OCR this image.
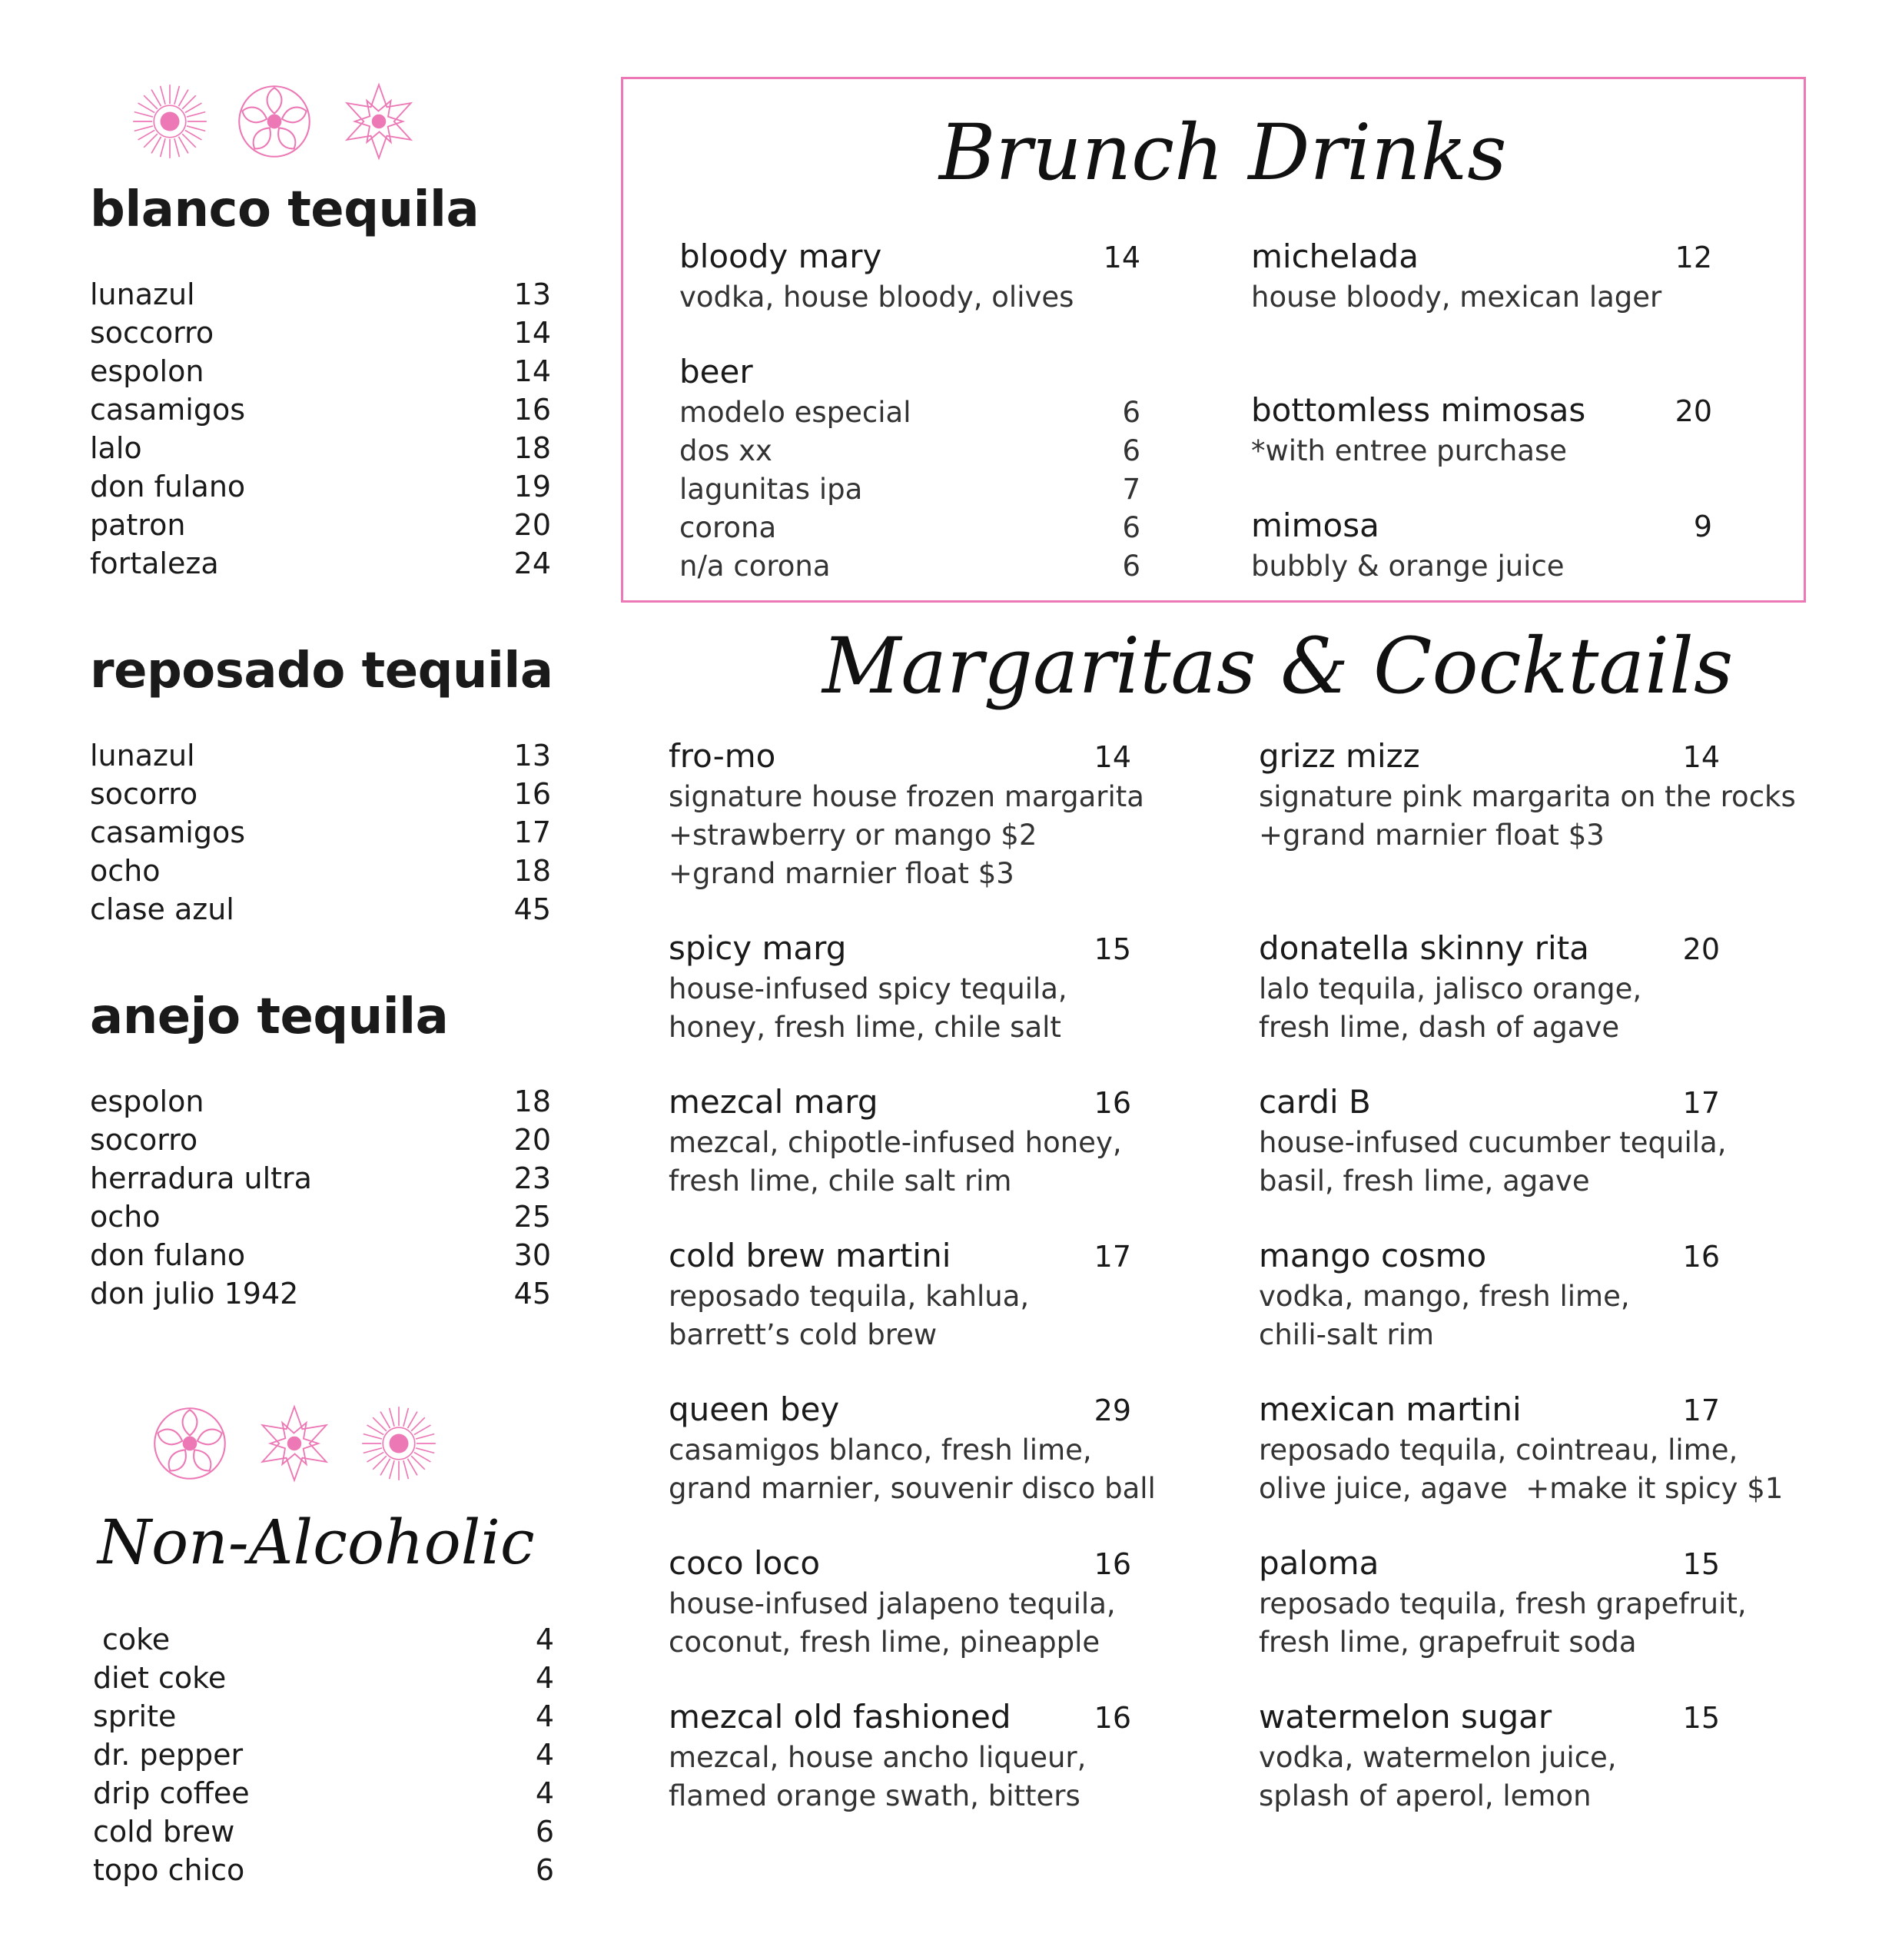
blanco tequila
lunazul	13
soccorro	14
espolon	14
casamigos	16
lalo	18
don fulano	19
patron	20
fortaleza	24
reposado tequila
lunazul	13
socorro	16
casamigos	17
ocho	18
clase azul	45
anejo tequila
espolon	18
socorro	20
herradura ultra	23
ocho	25
don fulano	30
don julio 1942	45
Non-Alcoholic
coke	4
diet coke	4
sprite	4
dr. pepper	4
drip coffee	4
cold brew	6
topo chico	6
Brunch Drinks
bloody mary	14
vodka, house bloody, olives
michelada	12
house bloody, mexican lager
beer
modelo especial	6
dos xx	6
lagunitas ipa	7
corona	6
n/a corona	6
bottomless mimosas	20
*with entree purchase
mimosa	9
bubbly & orange juice
Margaritas & Cocktails
fro-mo	14
signature house frozen margarita
+strawberry or mango $2
+grand marnier float $3
spicy marg	15
house-infused spicy tequila,
honey, fresh lime, chile salt
mezcal marg	16
mezcal, chipotle-infused honey,
fresh lime, chile salt rim
cold brew martini	17
reposado tequila, kahlua,
barrett’s cold brew
queen bey	29
casamigos blanco, fresh lime,
grand marnier, souvenir disco ball
coco loco	16
house-infused jalapeno tequila,
coconut, fresh lime, pineapple
mezcal old fashioned	16
mezcal, house ancho liqueur,
flamed orange swath, bitters
grizz mizz	14
signature pink margarita on the rocks
+grand marnier float $3
donatella skinny rita	20
lalo tequila, jalisco orange,
fresh lime, dash of agave
cardi B	17
house-infused cucumber tequila,
basil, fresh lime, agave
mango cosmo	16
vodka, mango, fresh lime,
chili-salt rim
mexican martini	17
reposado tequila, cointreau, lime,
olive juice, agave  +make it spicy $1
paloma	15
reposado tequila, fresh grapefruit,
fresh lime, grapefruit soda
watermelon sugar	15
vodka, watermelon juice,
splash of aperol, lemon
